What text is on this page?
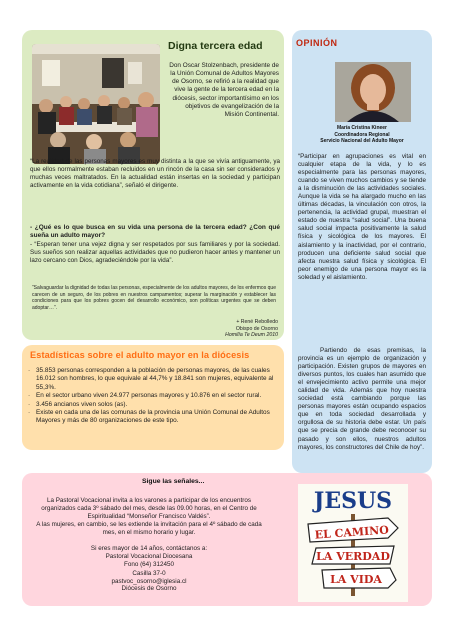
Digna tercera edad
Don Oscar Stolzenbach, presidente de la Unión Comunal de Adultos Mayores de Osorno, se refirió a la realidad que vive la gente de la tercera edad en la diócesis, sector importantísimo en los objetivos de evangelización de la Misión Continental.
“La realidad de las personas mayores es muy distinta a la que se vivía antiguamente, ya que ellos normalmente estaban recluidos en un rincón de la casa sin ser considerados y muchas veces maltratados. En la actualidad están insertas en la sociedad y participan activamente en la vida cotidiana”, señaló el dirigente.
- ¿Qué es lo que busca en su vida una persona de la tercera edad? ¿Con qué sueña un adulto mayor?
- “Esperan tener una vejez digna y ser respetados por sus familiares y por la sociedad. Sus sueños son realizar aquellas actividades que no pudieron hacer antes y mantener un lazo cercano con Dios, agradeciéndole por la vida”.
“Salvaguardar la dignidad de todas las personas, especialmente de los adultos mayores, de los enfermos que carecen de un seguro, de los pobres en nuestros campamentos; superar la marginación y establecer las condiciones para que los pobres gocen del desarrollo económico, son políticas urgentes que se deben adoptar…”.
+ René Rebolledo
Obispo de Osorno
Homilía Te Deum 2010
Estadísticas sobre el adulto mayor en la diócesis
· 35.853 personas corresponden a la población de personas mayores, de las cuales 16.012 son hombres, lo que equivale al 44,7% y 18.841 son mujeres, equivalente al 55,3%.
· En el sector urbano viven 24.977 personas mayores y 10.876 en el sector rural.
· 3.456 ancianos viven solos (as).
· Existe en cada una de las comunas de la provincia una Unión Comunal de Adultos Mayores y más de 80 organizaciones de este tipo.
OPINIÓN
María Cristina Kineer
Coordinadora Regional
Servicio Nacional del Adulto Mayor
“Participar en agrupaciones es vital en cualquier etapa de la vida, y lo es especialmente para las personas mayores, cuando se viven muchos cambios y se tiende a la disminución de las actividades sociales. Aunque la vida se ha alargado mucho en las últimas décadas, la vinculación con otros, la pertenencia, la actividad grupal, muestran el estado de nuestra “salud social”. Una buena salud social impacta positivamente la salud física y sicológica de los mayores. El aislamiento y la inactividad, por el contrario, producen una deficiente salud social que afecta nuestra salud física y sicológica. El peor enemigo de una persona mayor es la soledad y el aislamiento.
Partiendo de esas premisas, la provincia es un ejemplo de organización y participación. Existen grupos de mayores en diversos puntos, los cuales han asumido que el envejecimiento activo permite una mejor calidad de vida. Además que hoy nuestra sociedad está cambiando porque las personas mayores están ocupando espacios que en toda sociedad desarrollada y orgullosa de su historia debe estar. Un país que se precia de grande debe reconocer su pasado y son ellos, nuestros adultos mayores, los constructores del Chile de hoy”.
Sigue las señales...
La Pastoral Vocacional invita a los varones a participar de los encuentros organizados cada 3º sábado del mes, desde las 09.00 horas, en el Centro de Espiritualidad “Monseñor Francisco Valdés”.
A las mujeres, en cambio, se les extiende la invitación para el 4º sábado de cada mes, en el mismo horario y lugar.
Si eres mayor de 14 años, contáctanos a:
Pastoral Vocacional Diocesana
Fono (64) 312450
Casilla 37-0
pastvoc_osorno@iglesia.cl
Diócesis de Osorno
JESUS
EL CAMINO
LA VERDAD
LA VIDA
